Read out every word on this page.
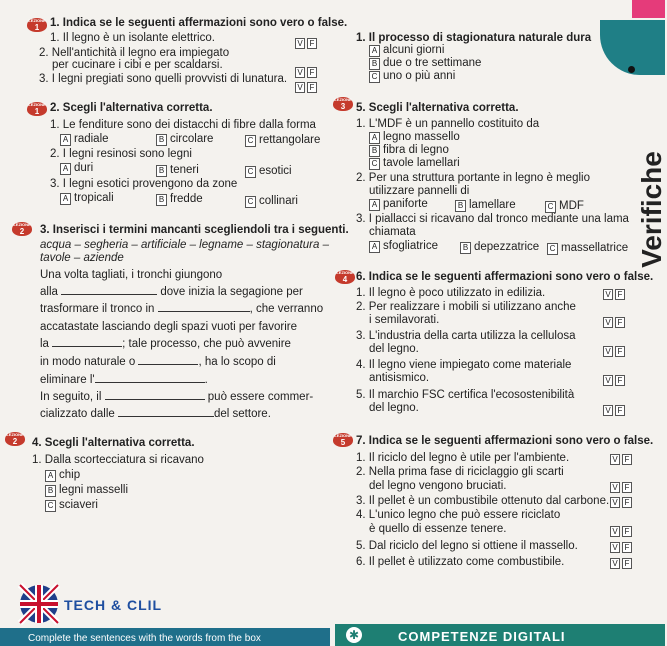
Verifiche
LEZIONE
1
LEZIONE
1
LEZIONE
2
LEZIONE
2
LEZIONE
3
LEZIONE
4
LEZIONE
5
1. Indica se le seguenti affermazioni sono vero o false.
1. Il legno è un isolante elettrico.	V F
2. Nell'antichità il legno era impiegato
per cucinare i cibi e per scaldarsi.
V F
3. I legni pregiati sono quelli provvisti di lunatura.
V F
1. Il processo di stagionatura naturale dura
A alcuni giorni
B due o tre settimane
C uno o più anni
2. Scegli l'alternativa corretta.
1. Le fenditure sono dei distacchi di fibre dalla forma
A radiale	B circolare	C rettangolare
2. I legni resinosi sono legni
A duri	B teneri	C esotici
3. I legni esotici provengono da zone
A tropicali	B fredde	C collinari
5. Scegli l'alternativa corretta.
1. L'MDF è un pannello costituito da
A legno massello
B fibra di legno
C tavole lamellari
2. Per una struttura portante in legno è meglio
utilizzare pannelli di
A paniforte	B lamellare	C MDF
3. I piallacci si ricavano dal tronco mediante una lama
chiamata
A sfogliatrice	B depezzatrice	C massellatrice
3. Inserisci i termini mancanti scegliendoli tra i seguenti.
acqua – segheria – artificiale – legname – stagionatura –
tavole – aziende
Una volta tagliati, i tronchi giungono
alla	dove inizia la segagione per
trasformare il tronco in	, che verranno
accatastate lasciando degli spazi vuoti per favorire
la	; tale processo, che può avvenire
in modo naturale o	, ha lo scopo di
eliminare l'	.
In seguito, il	può essere commer-
cializzato dalle	del settore.
6. Indica se le seguenti affermazioni sono vero o false.
1. Il legno è poco utilizzato in edilizia.	V F
2. Per realizzare i mobili si utilizzano anche
i semilavorati.	V F
3. L'industria della carta utilizza la cellulosa
del legno.	V F
4. Il legno viene impiegato come materiale
antisismico.	V F
5. Il marchio FSC certifica l'ecosostenibilità
del legno.	V F
4. Scegli l'alternativa corretta.
1. Dalla scortecciatura si ricavano
A chip
B legni masselli
C sciaveri
7. Indica se le seguenti affermazioni sono vero o false.
1. Il riciclo del legno è utile per l'ambiente.	V F
2. Nella prima fase di riciclaggio gli scarti
del legno vengono bruciati.	V F
3. Il pellet è un combustibile ottenuto dal carbone. V F
4. L'unico legno che può essere riciclato
è quello di essenze tenere.	V F
5. Dal riciclo del legno si ottiene il massello.	V F
6. Il pellet è utilizzato come combustibile.	V F
TECH & CLIL
Complete the sentences with the words from the box	✱	COMPETENZE DIGITALI
